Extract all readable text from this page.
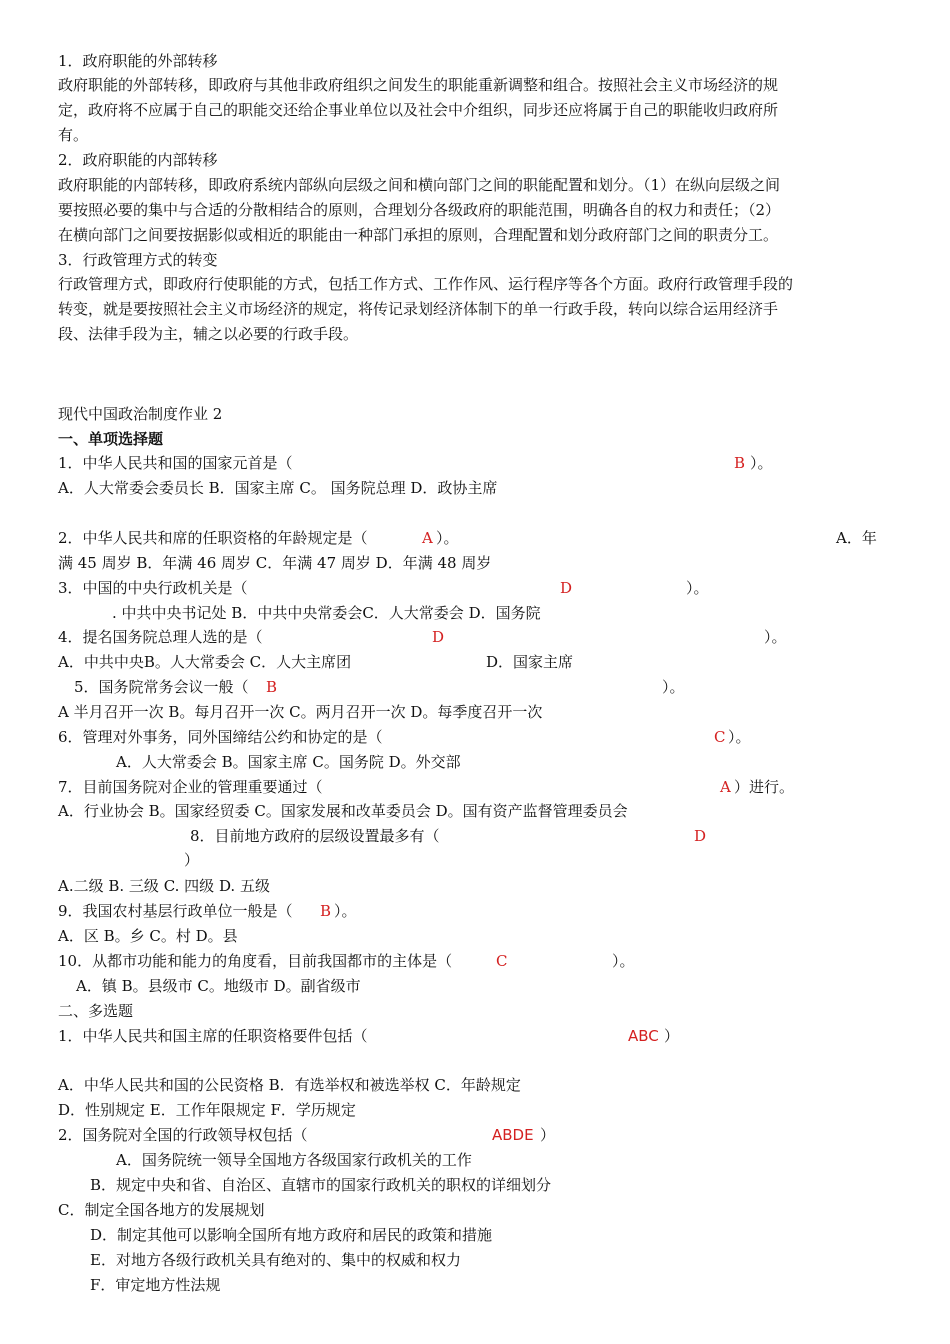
1．政府职能的外部转移
政府职能的外部转移，即政府与其他非政府组织之间发生的职能重新调整和组合。按照社会主义市场经济的规
定，政府将不应属于自己的职能交还给企事业单位以及社会中介组织，同步还应将属于自己的职能收归政府所
有。
2．政府职能的内部转移
政府职能的内部转移，即政府系统内部纵向层级之间和横向部门之间的职能配置和划分。（1）在纵向层级之间
要按照必要的集中与合适的分散相结合的原则，合理划分各级政府的职能范围，明确各自的权力和责任；（2）
在横向部门之间要按据影似或相近的职能由一种部门承担的原则，合理配置和划分政府部门之间的职责分工。
3．行政管理方式的转变
行政管理方式，即政府行使职能的方式，包括工作方式、工作作风、运行程序等各个方面。政府行政管理手段的
转变，就是要按照社会主义市场经济的规定，将传记录划经济体制下的单一行政手段，转向以综合运用经济手
段、法律手段为主，辅之以必要的行政手段。
现代中国政治制度作业 2
一、单项选择题
1．中华人民共和国的国家元首是（	B ）。
A．人大常委会委员长 B．国家主席 C。 国务院总理 D．政协主席
2．中华人民共和席的任职资格的年龄规定是（	A ）。	A．年
满 45 周岁 B．年满 46 周岁 C．年满 47 周岁 D．年满 48 周岁
3．中国的中央行政机关是（	D	）。
. 中共中央书记处 B．中共中央常委会C．人大常委会 D．国务院
4．提名国务院总理人选的是（	D	）。
A．中共中央B。人大常委会 C．人大主席团	D．国家主席
5．国务院常务会议一般（ B	）。
A 半月召开一次 B。每月召开一次 C。两月召开一次 D。每季度召开一次
6．管理对外事务，同外国缔结公约和协定的是（	C ）。
A．人大常委会 B。国家主席 C。国务院 D。外交部
7．目前国务院对企业的管理重要通过（	A ）进行。
A．行业协会 B。国家经贸委 C。国家发展和改革委员会 D。国有资产监督管理委员会
8．目前地方政府的层级设置最多有（	D
）
A.二级 B. 三级 C. 四级 D. 五级
9．我国农村基层行政单位一般是（ B ）。
A．区 B。乡 C。村 D。县
10．从都市功能和能力的角度看，目前我国都市的主体是（	C	）。
A．镇 B。县级市 C。地级市 D。副省级市
二、多选题
1．中华人民共和国主席的任职资格要件包括（	ABC ）
A．中华人民共和国的公民资格 B．有选举权和被选举权 C．年龄规定
D．性别规定 E．工作年限规定 F．学历规定
2．国务院对全国的行政领导权包括（	ABDE ）
A．国务院统一领导全国地方各级国家行政机关的工作
B．规定中央和省、自治区、直辖市的国家行政机关的职权的详细划分
C．制定全国各地方的发展规划
D．制定其他可以影响全国所有地方政府和居民的政策和措施
E．对地方各级行政机关具有绝对的、集中的权威和权力
F．审定地方性法规
